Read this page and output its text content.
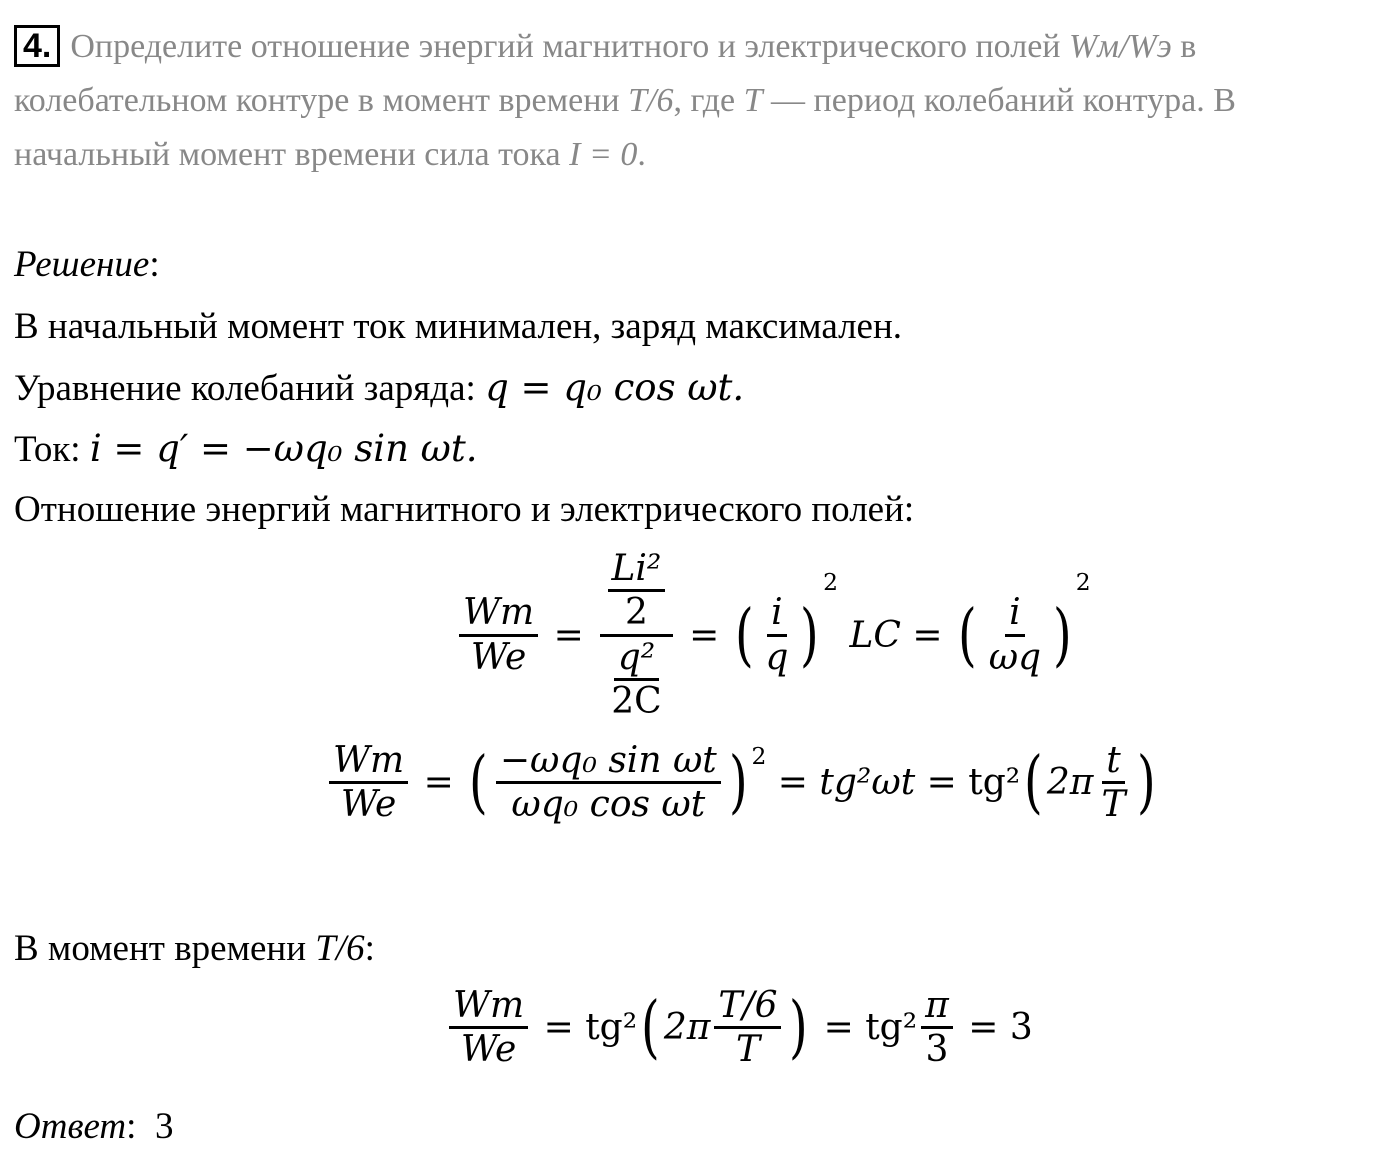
4. Определите отношение энергий магнитного и электрического полей Wм/Wэ в колебательном контуре в момент времени T/6, где T — период колебаний контура. В начальный момент времени сила тока I = 0.
Решение:
В начальный момент ток минимален, заряд максимален.
Уравнение колебаний заряда: q = q₀ cos ωt.
Ток: i = q′ = −ωq₀ sin ωt.
Отношение энергий магнитного и электрического полей:
$\frac{Wm}{We} = \frac{\frac{\text{Li²}}{2}}{\frac{\text{q²}}{2C}}$ = ( $\frac{i}{q}$ )
$^2$

LC = ( $\frac{i}{\omega q}$ )
$^2$
$\frac{Wm}{We}$ = ( $\frac{\text{−ωq₀ sin ωt}}{\text{ωq₀ cos ωt}} )^2$
= tg²ωt = tg² ( $2\pi \frac{t}{T}$ )
В момент времени T/6:
$\frac{Wm}{We} = tg^2$ ( $2\pi \frac{T/6}{T}$ ) = $tg^2 \frac{\pi}{3} = 3$
Ответ: 3
